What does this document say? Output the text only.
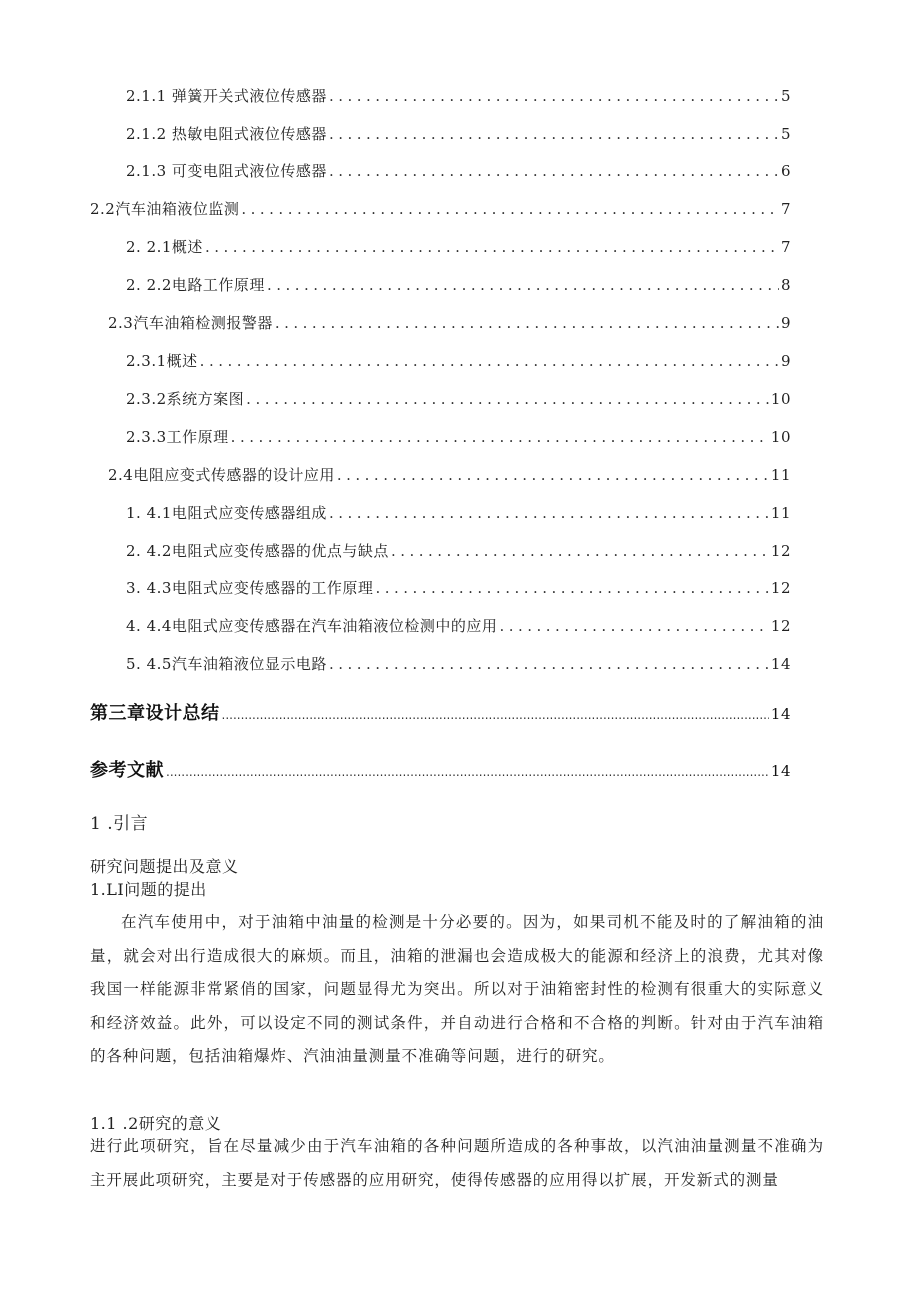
2.1.1 弹簧开关式液位传感器 .....	5
2.1.2 热敏电阻式液位传感器 .....	5
2.1.3 可变电阻式液位传感器 .....	6
2.2汽车油箱液位监测 .....	7
2. 2.1概述 .....	7
2. 2.2电路工作原理 .....	8
2.3汽车油箱检测报警器 .....	9
2.3.1概述 .....	9
2.3.2系统方案图 .....	10
2.3.3工作原理 .....	10
2.4电阻应变式传感器的设计应用 .....	11
1. 4.1电阻式应变传感器组成 .....	11
2. 4.2电阻式应变传感器的优点与缺点 .....	12
3. 4.3电阻式应变传感器的工作原理 .....	12
4. 4.4电阻式应变传感器在汽车油箱液位检测中的应用 .....	12
5. 4.5汽车油箱液位显示电路 .....	14
第三章设计总结 .....	14
参考文献 .....	14
1 .引言
研究问题提出及意义
1.LI问题的提出

在汽车使用中，对于油箱中油量的检测是十分必要的。因为，如果司机不能及时的了解油箱的油量，就会对出行造成很大的麻烦。而且，油箱的泄漏也会造成极大的能源和经济上的浪费，尤其对像我国一样能源非常紧俏的国家，问题显得尤为突出。所以对于油箱密封性的检测有很重大的实际意义和经济效益。此外，可以设定不同的测试条件，并自动进行合格和不合格的判断。针对由于汽车油箱的各种问题，包括油箱爆炸、汽油油量测量不准确等问题，进行的研究。

1.1 .2研究的意义

进行此项研究，旨在尽量减少由于汽车油箱的各种问题所造成的各种事故，以汽油油量测量不准确为主开展此项研究，主要是对于传感器的应用研究，使得传感器的应用得以扩展，开发新式的测量
